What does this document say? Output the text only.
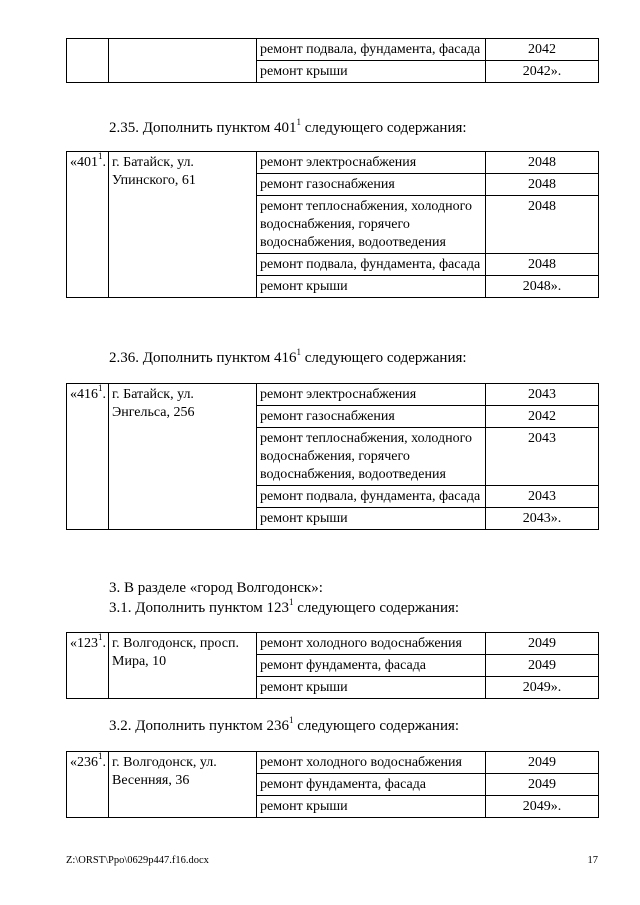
		ремонт подвала, фундамента, фасада	2042
		ремонт крыши	2042».
2.35. Дополнить пунктом $401^1$ следующего содержания:
«$401^1$.	г. Батайск, ул. Упинского, 61	ремонт электроснабжения	2048
		ремонт газоснабжения	2048
		ремонт теплоснабжения, холодного водоснабжения, горячего водоснабжения, водоотведения	2048
		ремонт подвала, фундамента, фасада	2048
		ремонт крыши	2048».
2.36. Дополнить пунктом $416^1$ следующего содержания:
«$416^1$.	г. Батайск, ул. Энгельса, 256	ремонт электроснабжения	2043
		ремонт газоснабжения	2042
		ремонт теплоснабжения, холодного водоснабжения, горячего водоснабжения, водоотведения	2043
		ремонт подвала, фундамента, фасада	2043
		ремонт крыши	2043».
3. В разделе «город Волгодонск»:
3.1. Дополнить пунктом $123^1$ следующего содержания:
«$123^1$.	г. Волгодонск, просп. Мира, 10	ремонт холодного водоснабжения	2049
		ремонт фундамента, фасада	2049
		ремонт крыши	2049».
3.2. Дополнить пунктом $236^1$ следующего содержания:
«$236^1$.	г. Волгодонск, ул. Весенняя, 36	ремонт холодного водоснабжения	2049
		ремонт фундамента, фасада	2049
		ремонт крыши	2049».
Z:\ORST\Ppo\0629p447.f16.docx	17
